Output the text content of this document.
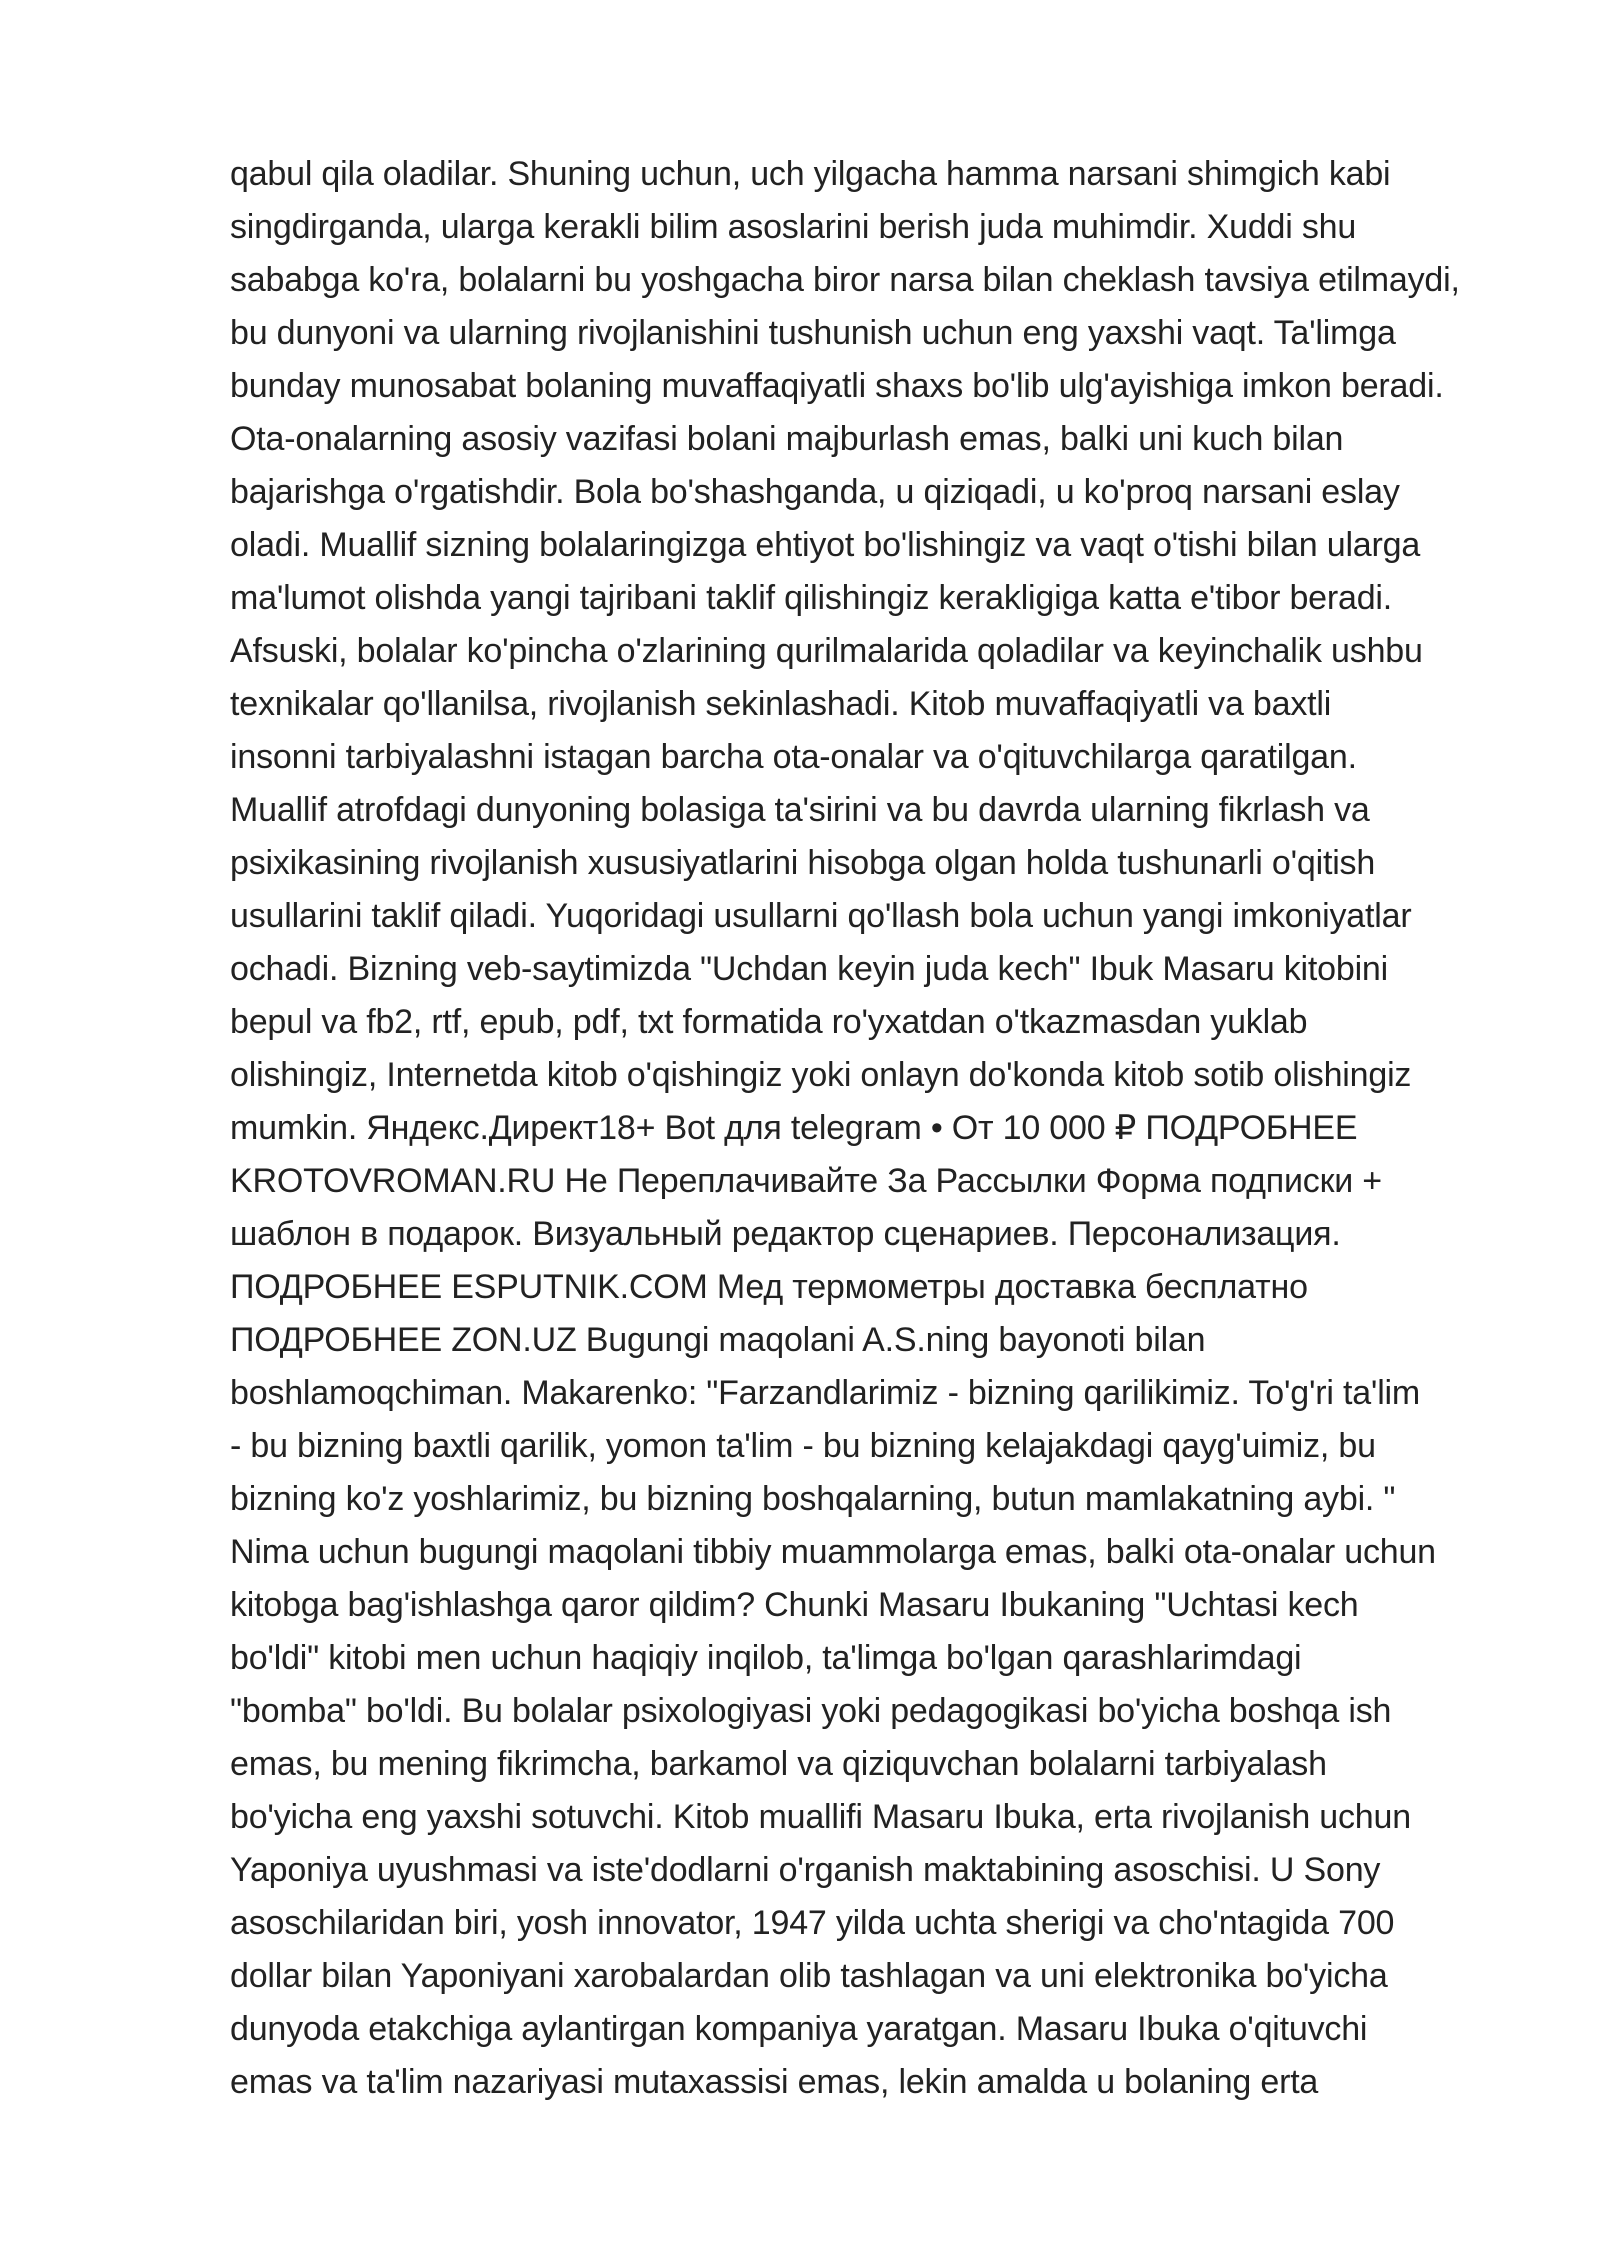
qabul qila oladilar. Shuning uchun, uch yilgacha hamma narsani shimgich kabi
singdirganda, ularga kerakli bilim asoslarini berish juda muhimdir. Xuddi shu
sababga ko'ra, bolalarni bu yoshgacha biror narsa bilan cheklash tavsiya etilmaydi,
bu dunyoni va ularning rivojlanishini tushunish uchun eng yaxshi vaqt. Ta'limga
bunday munosabat bolaning muvaffaqiyatli shaxs bo'lib ulg'ayishiga imkon beradi.
Ota-onalarning asosiy vazifasi bolani majburlash emas, balki uni kuch bilan
bajarishga o'rgatishdir. Bola bo'shashganda, u qiziqadi, u ko'proq narsani eslay
oladi. Muallif sizning bolalaringizga ehtiyot bo'lishingiz va vaqt o'tishi bilan ularga
ma'lumot olishda yangi tajribani taklif qilishingiz kerakligiga katta e'tibor beradi.
Afsuski, bolalar ko'pincha o'zlarining qurilmalarida qoladilar va keyinchalik ushbu
texnikalar qo'llanilsa, rivojlanish sekinlashadi. Kitob muvaffaqiyatli va baxtli
insonni tarbiyalashni istagan barcha ota-onalar va o'qituvchilarga qaratilgan.
Muallif atrofdagi dunyoning bolasiga ta'sirini va bu davrda ularning fikrlash va
psixikasining rivojlanish xususiyatlarini hisobga olgan holda tushunarli o'qitish
usullarini taklif qiladi. Yuqoridagi usullarni qo'llash bola uchun yangi imkoniyatlar
ochadi. Bizning veb-saytimizda "Uchdan keyin juda kech" Ibuk Masaru kitobini
bepul va fb2, rtf, epub, pdf, txt formatida ro'yxatdan o'tkazmasdan yuklab
olishingiz, Internetda kitob o'qishingiz yoki onlayn do'konda kitob sotib olishingiz
mumkin. Яндекс.Директ18+ Bot для telegram • От 10 000 ₽ ПОДРОБНЕЕ
KROTOVROMAN.RU Не Переплачивайте За Рассылки Форма подписки +
шаблон в подарок. Визуальный редактор сценариев. Персонализация.
ПОДРОБНЕЕ ESPUTNIK.COM Мед термометры доставка бесплатно
ПОДРОБНЕЕ ZON.UZ Bugungi maqolani A.S.ning bayonoti bilan
boshlamoqchiman. Makarenko: "Farzandlarimiz - bizning qarilikimiz. To'g'ri ta'lim
- bu bizning baxtli qarilik, yomon ta'lim - bu bizning kelajakdagi qayg'uimiz, bu
bizning ko'z yoshlarimiz, bu bizning boshqalarning, butun mamlakatning aybi. "
Nima uchun bugungi maqolani tibbiy muammolarga emas, balki ota-onalar uchun
kitobga bag'ishlashga qaror qildim? Chunki Masaru Ibukaning "Uchtasi kech
bo'ldi" kitobi men uchun haqiqiy inqilob, ta'limga bo'lgan qarashlarimdagi
"bomba" bo'ldi. Bu bolalar psixologiyasi yoki pedagogikasi bo'yicha boshqa ish
emas, bu mening fikrimcha, barkamol va qiziquvchan bolalarni tarbiyalash
bo'yicha eng yaxshi sotuvchi. Kitob muallifi Masaru Ibuka, erta rivojlanish uchun
Yaponiya uyushmasi va iste'dodlarni o'rganish maktabining asoschisi. U Sony
asoschilaridan biri, yosh innovator, 1947 yilda uchta sherigi va cho'ntagida 700
dollar bilan Yaponiyani xarobalardan olib tashlagan va uni elektronika bo'yicha
dunyoda etakchiga aylantirgan kompaniya yaratgan. Masaru Ibuka o'qituvchi
emas va ta'lim nazariyasi mutaxassisi emas, lekin amalda u bolaning erta
